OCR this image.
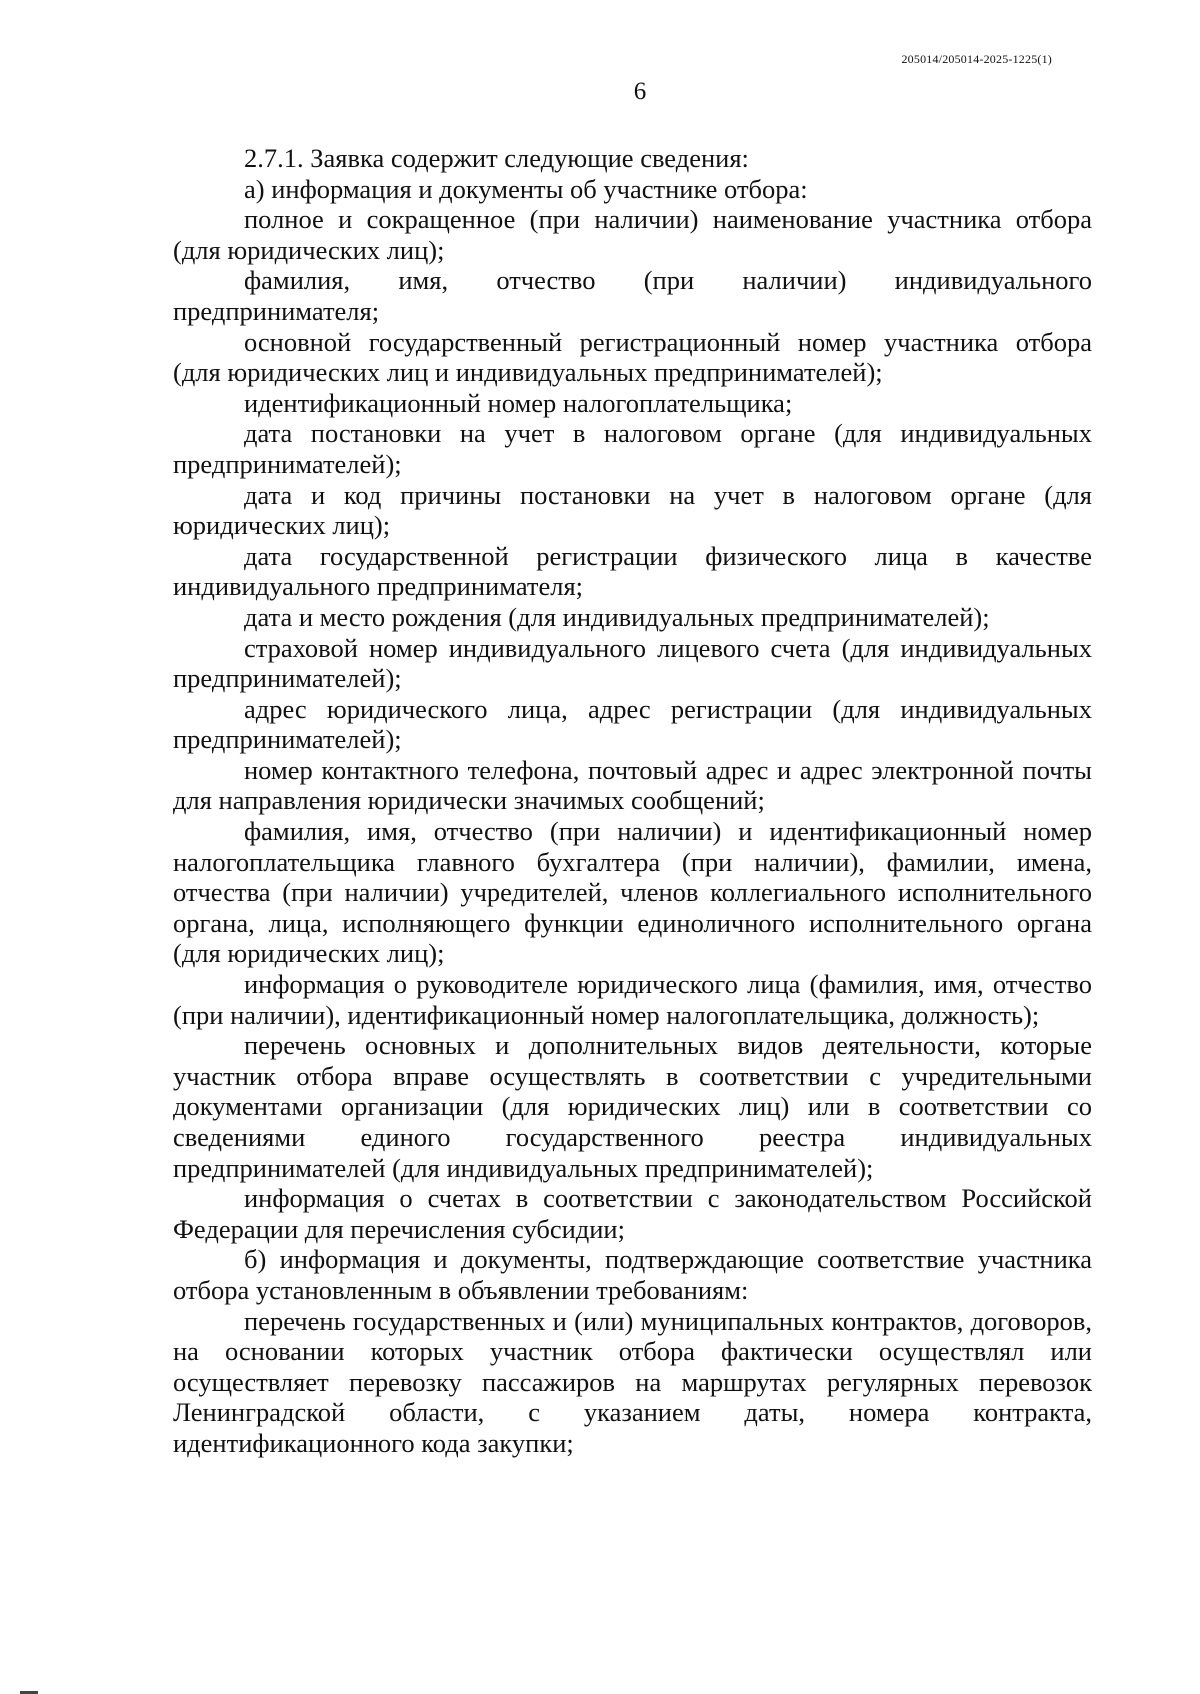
205014/205014-2025-1225(1)
6

2.7.1. Заявка содержит следующие сведения:

а) информация и документы об участнике отбора:

полное и сокращенное (при наличии) наименование участника отбора (для юридических лиц);

фамилия, имя, отчество (при наличии) индивидуального предпринимателя;

основной государственный регистрационный номер участника отбора (для юридических лиц и индивидуальных предпринимателей);

идентификационный номер налогоплательщика;

дата постановки на учет в налоговом органе (для индивидуальных предпринимателей);

дата и код причины постановки на учет в налоговом органе (для юридических лиц);

дата государственной регистрации физического лица в качестве индивидуального предпринимателя;

дата и место рождения (для индивидуальных предпринимателей);

страховой номер индивидуального лицевого счета (для индивидуальных предпринимателей);

адрес юридического лица, адрес регистрации (для индивидуальных предпринимателей);

номер контактного телефона, почтовый адрес и адрес электронной почты для направления юридически значимых сообщений;

фамилия, имя, отчество (при наличии) и идентификационный номер налогоплательщика главного бухгалтера (при наличии), фамилии, имена, отчества (при наличии) учредителей, членов коллегиального исполнительного органа, лица, исполняющего функции единоличного исполнительного органа (для юридических лиц);

информация о руководителе юридического лица (фамилия, имя, отчество (при наличии), идентификационный номер налогоплательщика, должность);

перечень основных и дополнительных видов деятельности, которые участник отбора вправе осуществлять в соответствии с учредительными документами организации (для юридических лиц) или в соответствии со сведениями единого государственного реестра индивидуальных предпринимателей (для индивидуальных предпринимателей);

информация о счетах в соответствии с законодательством Российской Федерации для перечисления субсидии;

б) информация и документы, подтверждающие соответствие участника отбора установленным в объявлении требованиям:

перечень государственных и (или) муниципальных контрактов, договоров, на основании которых участник отбора фактически осуществлял или осуществляет перевозку пассажиров на маршрутах регулярных перевозок Ленинградской области, с указанием даты, номера контракта, идентификационного кода закупки;
